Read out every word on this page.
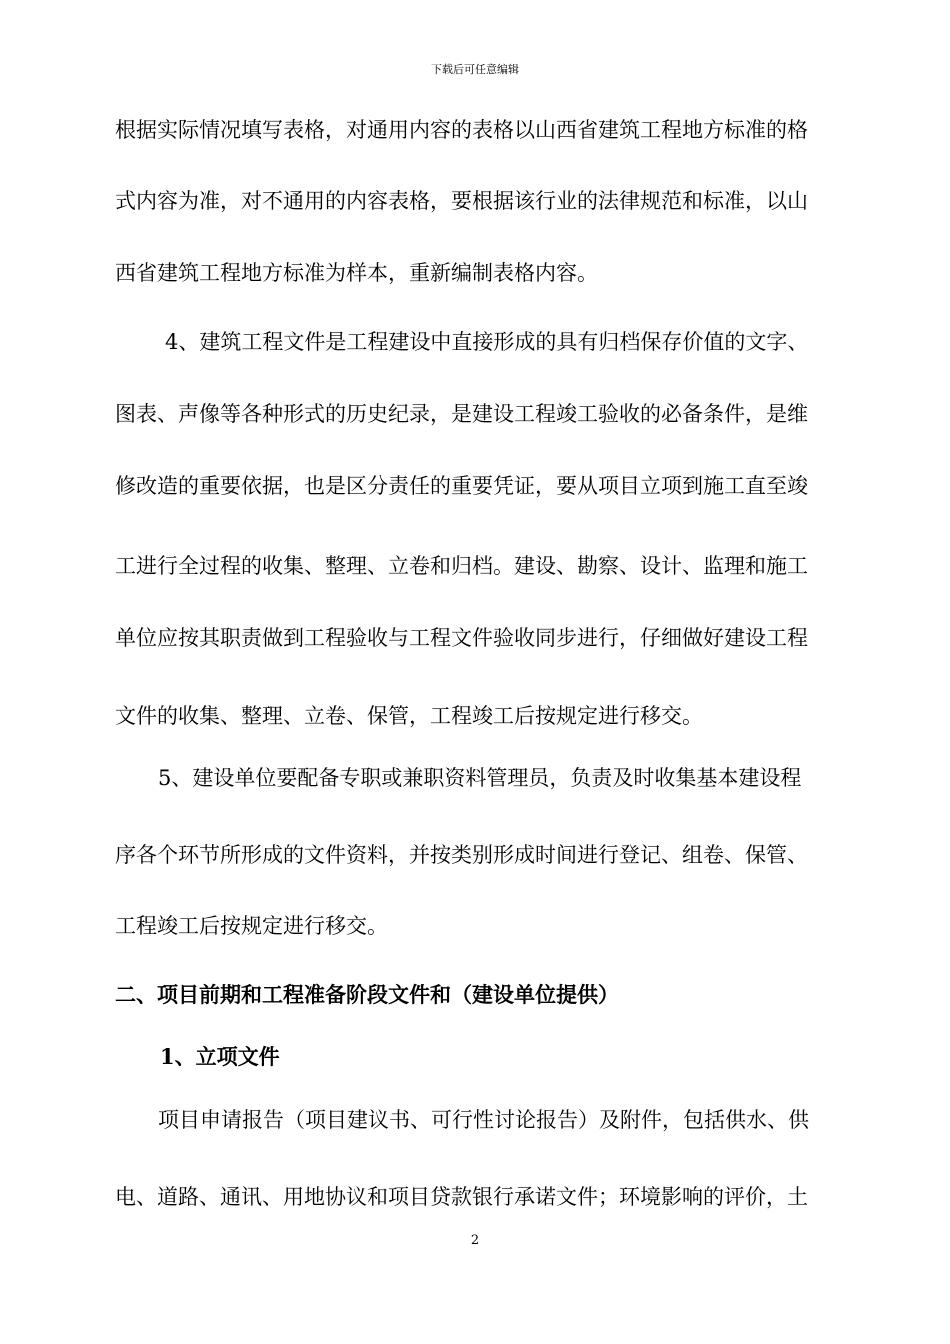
下载后可任意编辑
根据实际情况填写表格，对通用内容的表格以山西省建筑工程地方标准的格
式内容为准，对不通用的内容表格，要根据该行业的法律规范和标准，以山
西省建筑工程地方标准为样本，重新编制表格内容。
4、建筑工程文件是工程建设中直接形成的具有归档保存价值的文字、
图表、声像等各种形式的历史纪录，是建设工程竣工验收的必备条件，是维
修改造的重要依据，也是区分责任的重要凭证，要从项目立项到施工直至竣
工进行全过程的收集、整理、立卷和归档。建设、勘察、设计、监理和施工
单位应按其职责做到工程验收与工程文件验收同步进行，仔细做好建设工程
文件的收集、整理、立卷、保管，工程竣工后按规定进行移交。
5、建设单位要配备专职或兼职资料管理员，负责及时收集基本建设程
序各个环节所形成的文件资料，并按类别形成时间进行登记、组卷、保管、
工程竣工后按规定进行移交。
二、项目前期和工程准备阶段文件和（建设单位提供）
1、立项文件
项目申请报告（项目建议书、可行性讨论报告）及附件，包括供水、供
电、道路、通讯、用地协议和项目贷款银行承诺文件；环境影响的评价，土
2
